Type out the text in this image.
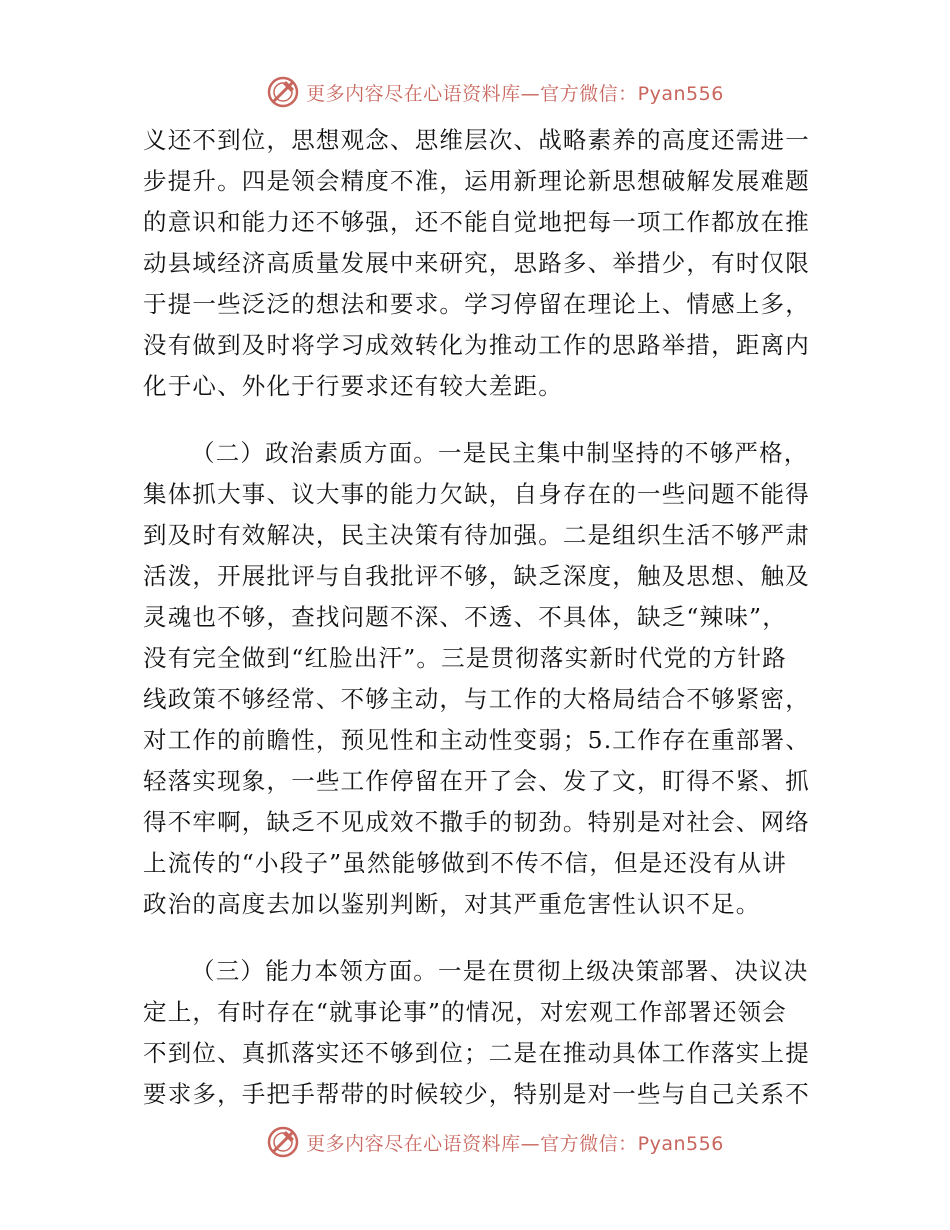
更多内容尽在心语资料库—官方微信：Pyan556

义还不到位，思想观念、思维层次、战略素养的高度还需进一
步提升。四是领会精度不准，运用新理论新思想破解发展难题
的意识和能力还不够强，还不能自觉地把每一项工作都放在推
动县域经济高质量发展中来研究，思路多、举措少，有时仅限
于提一些泛泛的想法和要求。学习停留在理论上、情感上多，
没有做到及时将学习成效转化为推动工作的思路举措，距离内
化于心、外化于行要求还有较大差距。

（二）政治素质方面。一是民主集中制坚持的不够严格，
集体抓大事、议大事的能力欠缺，自身存在的一些问题不能得
到及时有效解决，民主决策有待加强。二是组织生活不够严肃
活泼，开展批评与自我批评不够，缺乏深度，触及思想、触及
灵魂也不够，查找问题不深、不透、不具体，缺乏“辣味”，
没有完全做到“红脸出汗”。三是贯彻落实新时代党的方针路
线政策不够经常、不够主动，与工作的大格局结合不够紧密，
对工作的前瞻性，预见性和主动性变弱；5.工作存在重部署、
轻落实现象，一些工作停留在开了会、发了文，盯得不紧、抓
得不牢啊，缺乏不见成效不撒手的韧劲。特别是对社会、网络
上流传的“小段子”虽然能够做到不传不信，但是还没有从讲
政治的高度去加以鉴别判断，对其严重危害性认识不足。

（三）能力本领方面。一是在贯彻上级决策部署、决议决
定上，有时存在“就事论事”的情况，对宏观工作部署还领会
不到位、真抓落实还不够到位；二是在推动具体工作落实上提
要求多，手把手帮带的时候较少，特别是对一些与自己关系不

更多内容尽在心语资料库—官方微信：Pyan556
